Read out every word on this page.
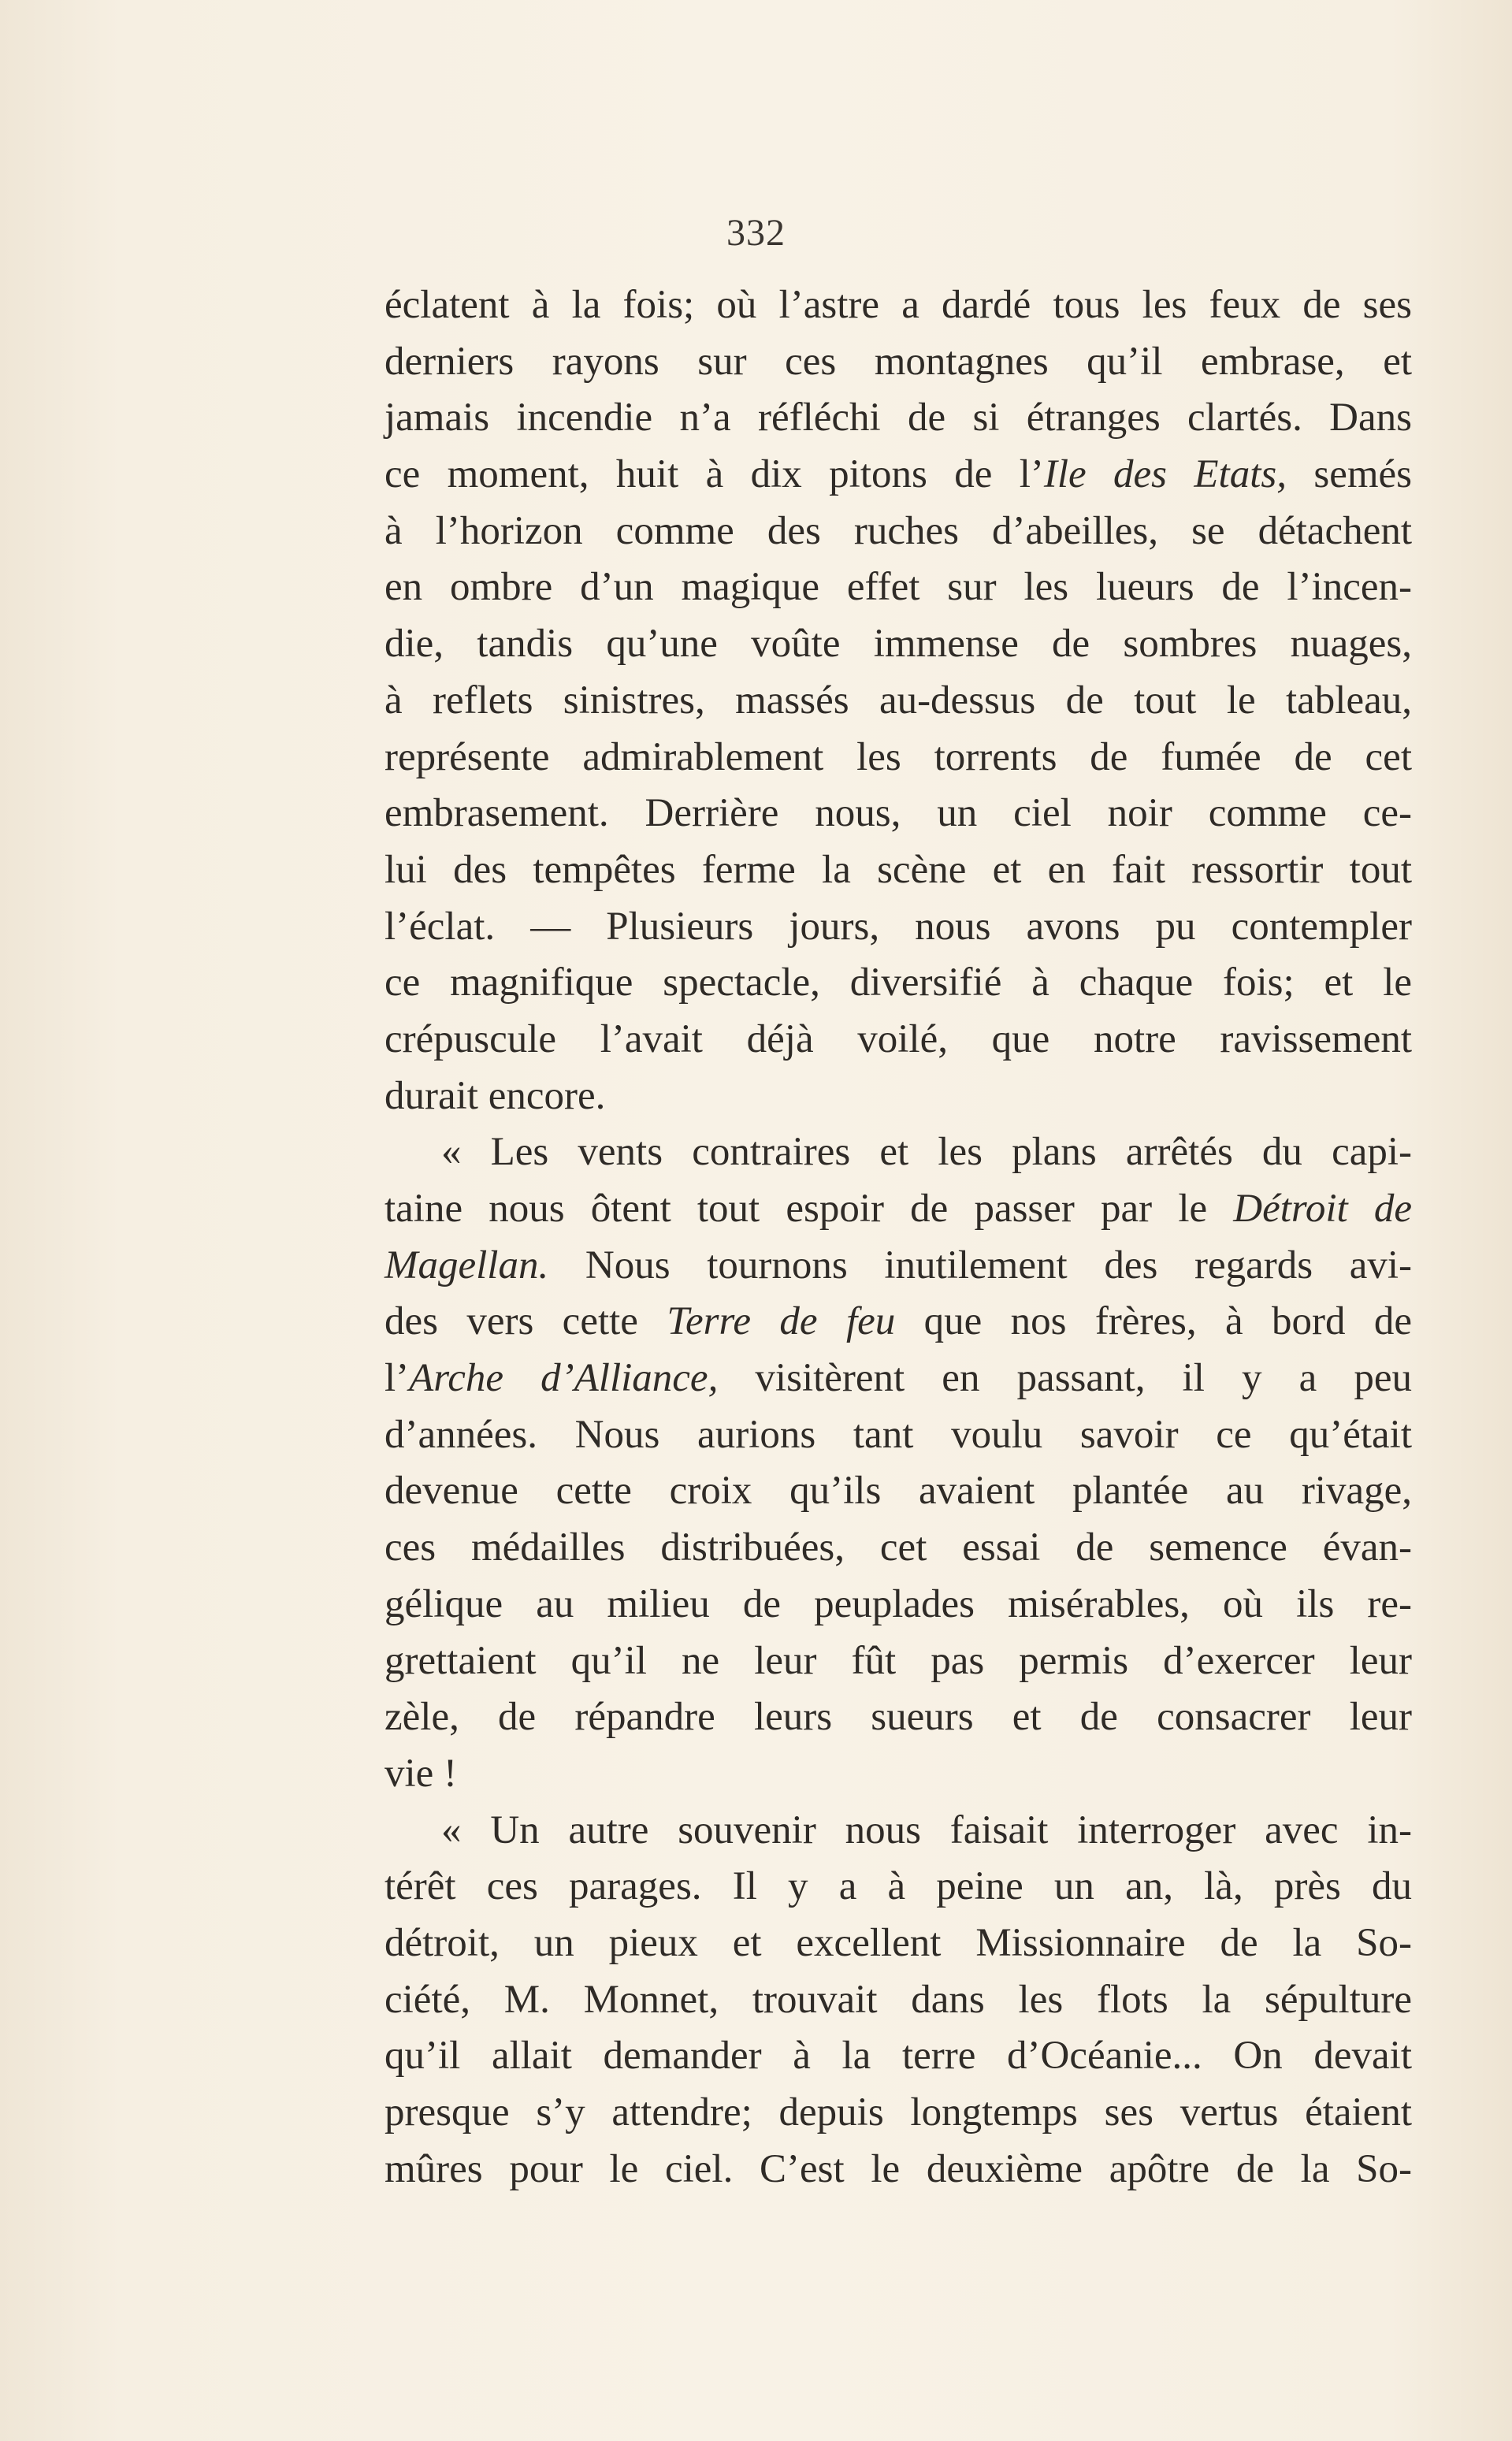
332
éclatent à la fois; où l’astre a dardé tous les feux de ses
derniers rayons sur ces montagnes qu’il embrase, et
jamais incendie n’a réfléchi de si étranges clartés. Dans
ce moment, huit à dix pitons de l’Ile des Etats, semés
à l’horizon comme des ruches d’abeilles, se détachent
en ombre d’un magique effet sur les lueurs de l’incen-
die, tandis qu’une voûte immense de sombres nuages,
à reflets sinistres, massés au-dessus de tout le tableau,
représente admirablement les torrents de fumée de cet
embrasement. Derrière nous, un ciel noir comme ce-
lui des tempêtes ferme la scène et en fait ressortir tout
l’éclat. — Plusieurs jours, nous avons pu contempler
ce magnifique spectacle, diversifié à chaque fois; et le
crépuscule l’avait déjà voilé, que notre ravissement
durait encore.
« Les vents contraires et les plans arrêtés du capi-
taine nous ôtent tout espoir de passer par le Détroit de
Magellan. Nous tournons inutilement des regards avi-
des vers cette Terre de feu que nos frères, à bord de
l’Arche d’Alliance, visitèrent en passant, il y a peu
d’années. Nous aurions tant voulu savoir ce qu’était
devenue cette croix qu’ils avaient plantée au rivage,
ces médailles distribuées, cet essai de semence évan-
gélique au milieu de peuplades misérables, où ils re-
grettaient qu’il ne leur fût pas permis d’exercer leur
zèle, de répandre leurs sueurs et de consacrer leur
vie !
« Un autre souvenir nous faisait interroger avec in-
térêt ces parages. Il y a à peine un an, là, près du
détroit, un pieux et excellent Missionnaire de la So-
ciété, M. Monnet, trouvait dans les flots la sépulture
qu’il allait demander à la terre d’Océanie... On devait
presque s’y attendre; depuis longtemps ses vertus étaient
mûres pour le ciel. C’est le deuxième apôtre de la So-
